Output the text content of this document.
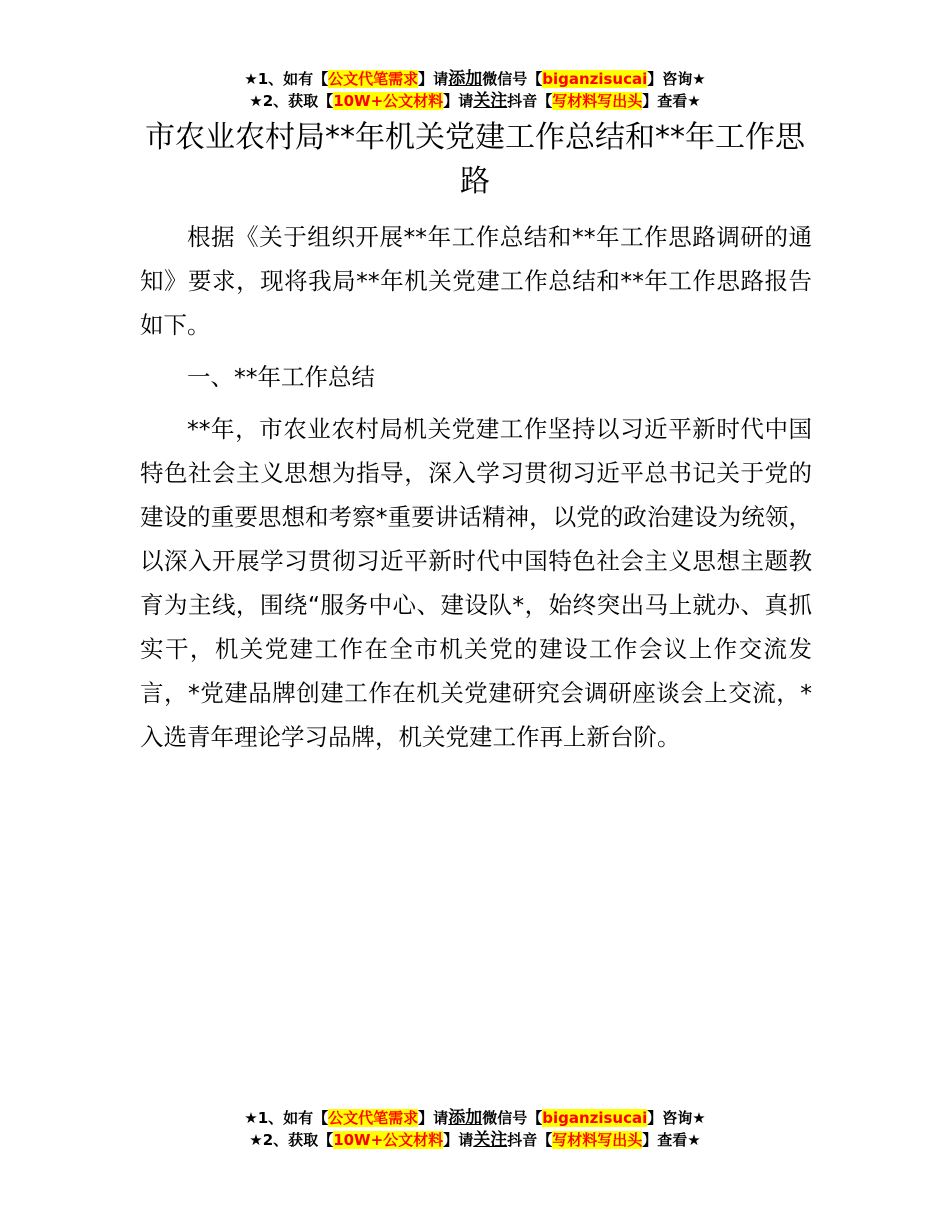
★1、如有【公文代笔需求】请添加微信号【biganzisucai】咨询★
★2、获取【10W+公文材料】请关注抖音【写材料写出头】查看★
市农业农村局**年机关党建工作总结和**年工作思路

根据《关于组织开展**年工作总结和**年工作思路调研的通知》要求，现将我局**年机关党建工作总结和**年工作思路报告如下。

一、**年工作总结

**年，市农业农村局机关党建工作坚持以习近平新时代中国特色社会主义思想为指导，深入学习贯彻习近平总书记关于党的建设的重要思想和考察*重要讲话精神，以党的政治建设为统领，以深入开展学习贯彻习近平新时代中国特色社会主义思想主题教育为主线，围绕“服务中心、建设队*，始终突出马上就办、真抓实干，机关党建工作在全市机关党的建设工作会议上作交流发言，*党建品牌创建工作在机关党建研究会调研座谈会上交流，*入选青年理论学习品牌，机关党建工作再上新台阶。

★1、如有【公文代笔需求】请添加微信号【biganzisucai】咨询★
★2、获取【10W+公文材料】请关注抖音【写材料写出头】查看★
